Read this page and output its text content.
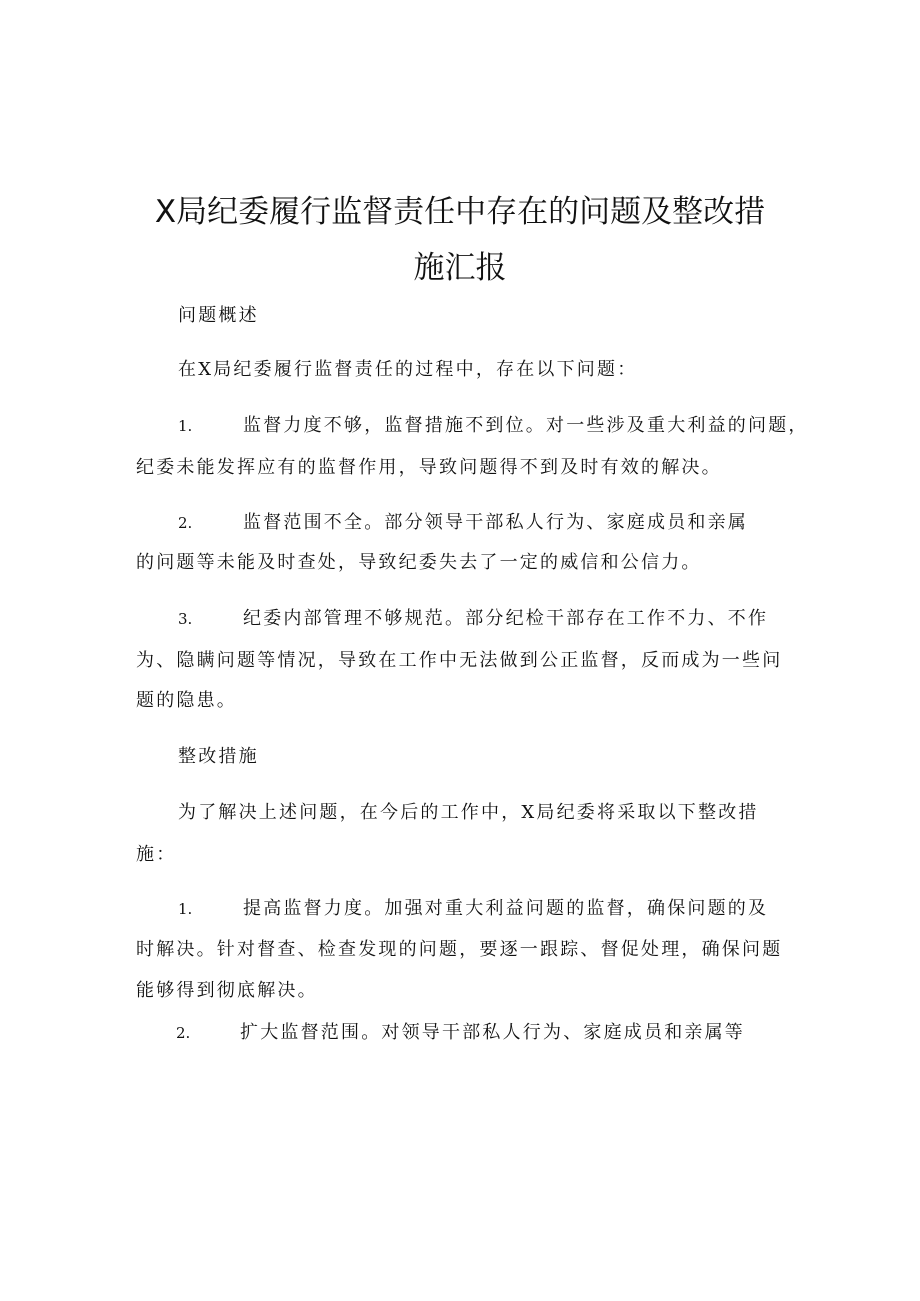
X局纪委履行监督责任中存在的问题及整改措
施汇报
问题概述
在X局纪委履行监督责任的过程中，存在以下问题：
1.	监督力度不够，监督措施不到位。对一些涉及重大利益的问题，
纪委未能发挥应有的监督作用，导致问题得不到及时有效的解决。
2.	监督范围不全。部分领导干部私人行为、家庭成员和亲属
的问题等未能及时查处，导致纪委失去了一定的威信和公信力。
3.	纪委内部管理不够规范。部分纪检干部存在工作不力、不作
为、隐瞒问题等情况，导致在工作中无法做到公正监督，反而成为一些问
题的隐患。
整改措施
为了解决上述问题，在今后的工作中，X局纪委将采取以下整改措
施：
1.	提高监督力度。加强对重大利益问题的监督，确保问题的及
时解决。针对督查、检查发现的问题，要逐一跟踪、督促处理，确保问题
能够得到彻底解决。
2.	扩大监督范围。对领导干部私人行为、家庭成员和亲属等
